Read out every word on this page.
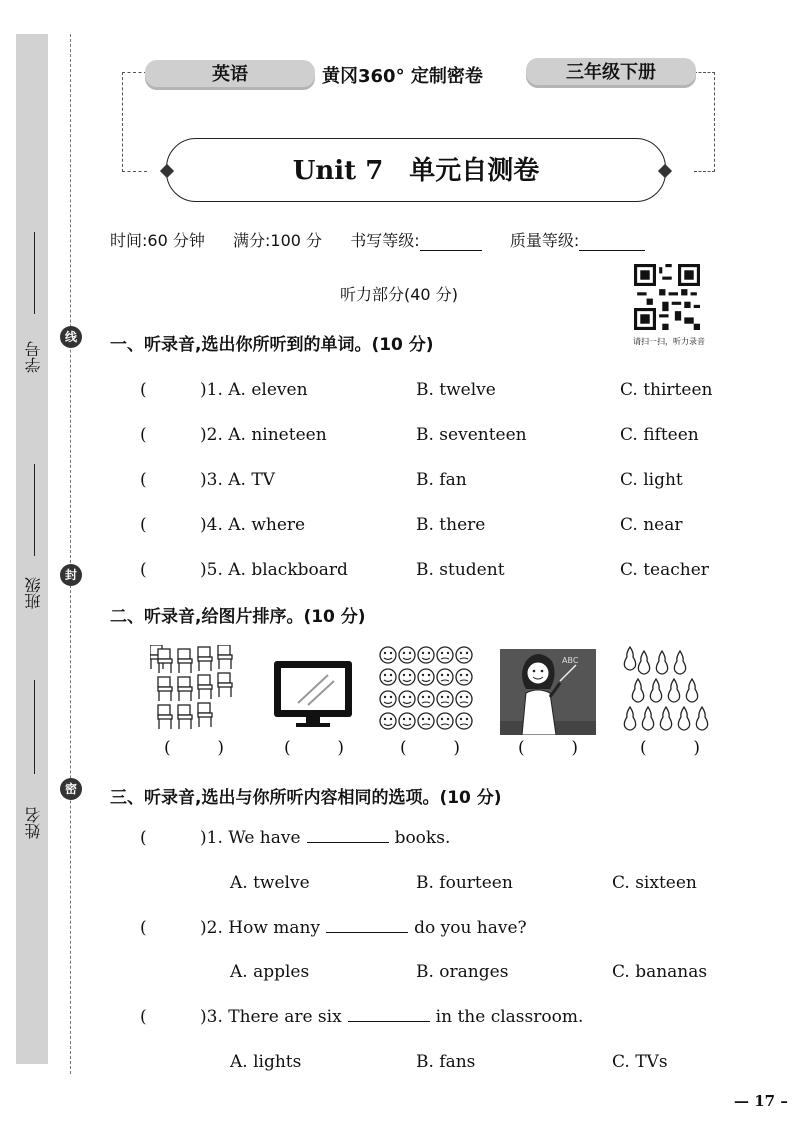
学号
班级
姓名
线
封
密
英语	黄冈360° 定制密卷	三年级下册
Unit 7　单元自测卷
时间:60 分钟 满分:100 分 书写等级:	质量等级:
听力部分(40 分)
请扫一扫，听力录音
一、听录音,选出你所听到的单词。(10 分)
(	)1. A. eleven	B. twelve	C. thirteen
(	)2. A. nineteen	B. seventeen	C. fifteen
(	)3. A. TV	B. fan	C. light
(	)4. A. where	B. there	C. near
(	)5. A. blackboard	B. student	C. teacher
二、听录音,给图片排序。(10 分)
ABC
(	)	(	)	(	)	(	)	(	)
三、听录音,选出与你所听内容相同的选项。(10 分)
(	)1. We have	books.
A. twelve	B. fourteen	C. sixteen
(	)2. How many	do you have?
A. apples	B. oranges	C. bananas
(	)3. There are six	in the classroom.
A. lights	B. fans	C. TVs
— 17 –
